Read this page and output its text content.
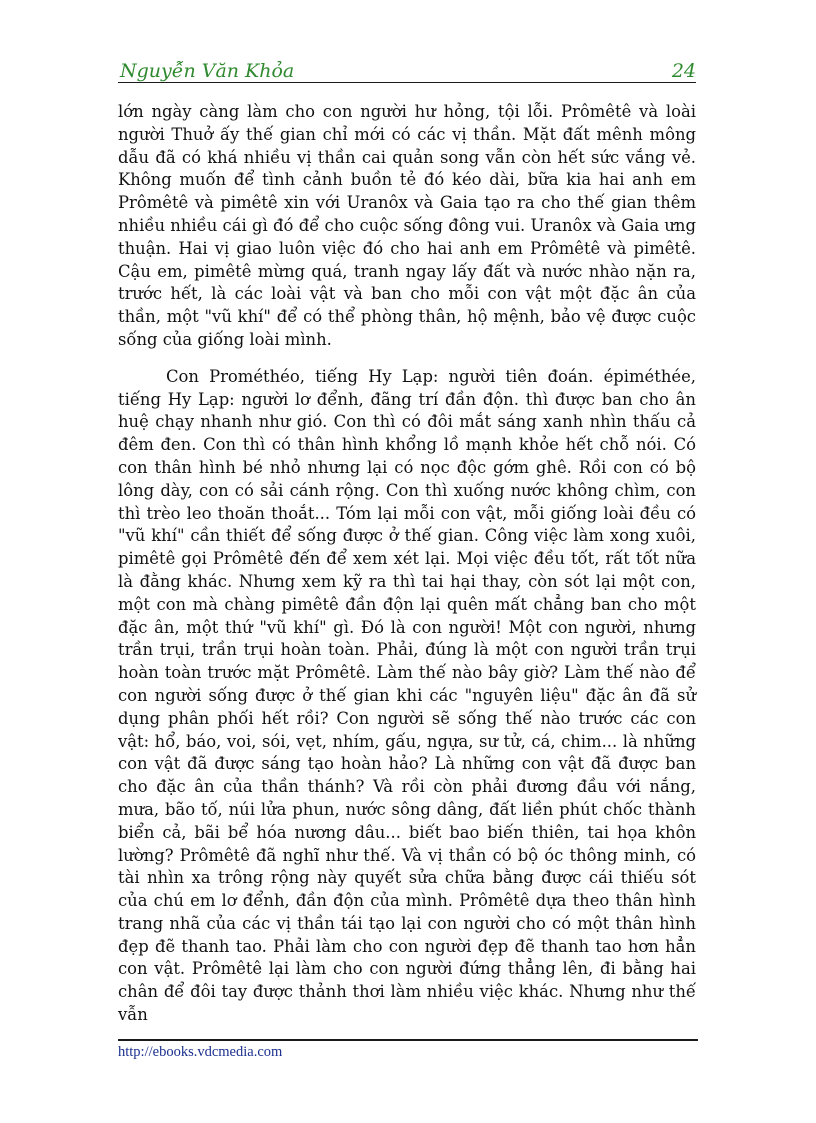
Nguyễn Văn Khỏa	24

lớn ngày càng làm cho con người hư hỏng, tội lỗi. Prômêtê và loài người Thuở ấy thế gian chỉ mới có các vị thần. Mặt đất mênh mông dẫu đã có khá nhiều vị thần cai quản song vẫn còn hết sức vắng vẻ. Không muốn để tình cảnh buồn tẻ đó kéo dài, bữa kia hai anh em Prômêtê và pimêtê xin với Uranôx và Gaia tạo ra cho thế gian thêm nhiều nhiều cái gì đó để cho cuộc sống đông vui. Uranôx và Gaia ưng thuận. Hai vị giao luôn việc đó cho hai anh em Prômêtê và pimêtê. Cậu em, pimêtê mừng quá, tranh ngay lấy đất và nước nhào nặn ra, trước hết, là các loài vật và ban cho mỗi con vật một đặc ân của thần, một "vũ khí" để có thể phòng thân, hộ mệnh, bảo vệ được cuộc sống của giống loài mình.

Con Prométhéo, tiếng Hy Lạp: người tiên đoán. épiméthée, tiếng Hy Lạp: người lơ đểnh, đãng trí đần độn. thì được ban cho ân huệ chạy nhanh như gió. Con thì có đôi mắt sáng xanh nhìn thấu cả đêm đen. Con thì có thân hình khổng lồ mạnh khỏe hết chỗ nói. Có con thân hình bé nhỏ nhưng lại có nọc độc gớm ghê. Rồi con có bộ lông dày, con có sải cánh rộng. Con thì xuống nước không chìm, con thì trèo leo thoăn thoắt... Tóm lại mỗi con vật, mỗi giống loài đều có "vũ khí" cần thiết để sống được ở thế gian. Công việc làm xong xuôi, pimêtê gọi Prômêtê đến để xem xét lại. Mọi việc đều tốt, rất tốt nữa là đằng khác. Nhưng xem kỹ ra thì tai hại thay, còn sót lại một con, một con mà chàng pimêtê đần độn lại quên mất chẳng ban cho một đặc ân, một thứ "vũ khí" gì. Đó là con người! Một con người, nhưng trần trụi, trần trụi hoàn toàn. Phải, đúng là một con người trần trụi hoàn toàn trước mặt Prômêtê. Làm thế nào bây giờ? Làm thế nào để con người sống được ở thế gian khi các "nguyên liệu" đặc ân đã sử dụng phân phối hết rồi? Con người sẽ sống thế nào trước các con vật: hổ, báo, voi, sói, vẹt, nhím, gấu, ngựa, sư tử, cá, chim... là những con vật đã được sáng tạo hoàn hảo? Là những con vật đã được ban cho đặc ân của thần thánh? Và rồi còn phải đương đầu với nắng, mưa, bão tố, núi lửa phun, nước sông dâng, đất liền phút chốc thành biển cả, bãi bể hóa nương dâu... biết bao biến thiên, tai họa khôn lường? Prômêtê đã nghĩ như thế. Và vị thần có bộ óc thông minh, có tài nhìn xa trông rộng này quyết sửa chữa bằng được cái thiếu sót của chú em lơ đểnh, đần độn của mình. Prômêtê dựa theo thân hình trang nhã của các vị thần tái tạo lại con người cho có một thân hình đẹp đẽ thanh tao. Phải làm cho con người đẹp đẽ thanh tao hơn hẳn con vật. Prômêtê lại làm cho con người đứng thẳng lên, đi bằng hai chân để đôi tay được thảnh thơi làm nhiều việc khác. Nhưng như thế vẫn

http://ebooks.vdcmedia.com
